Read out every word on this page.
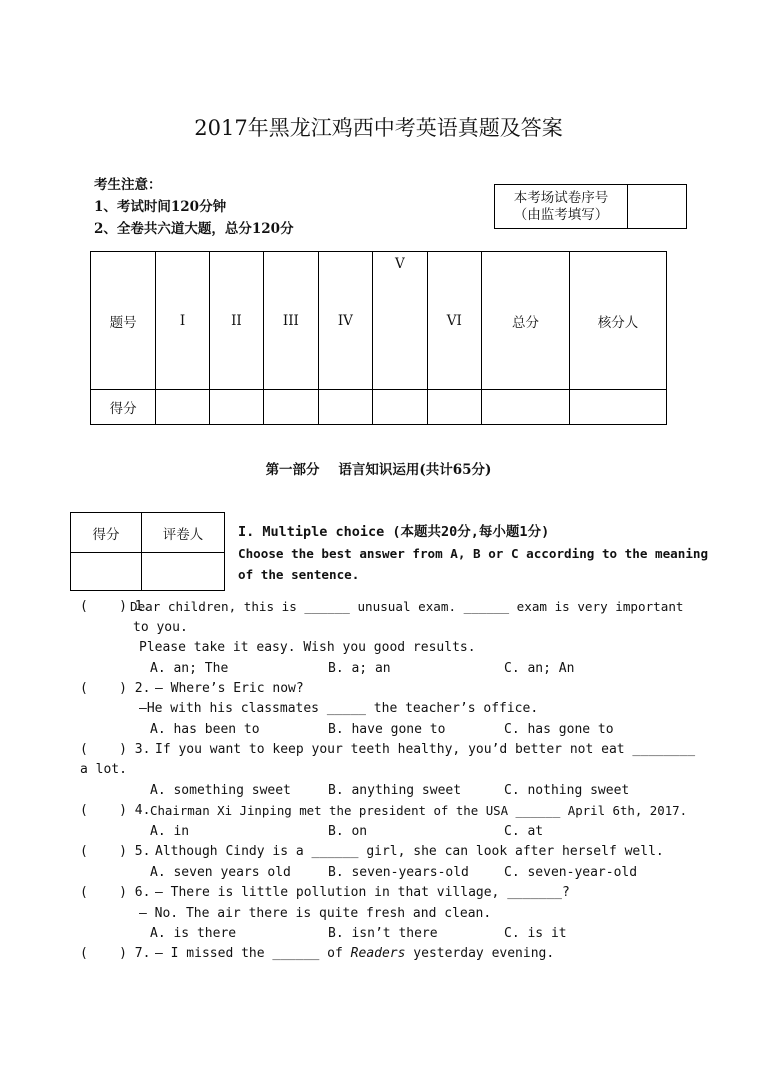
2017年黑龙江鸡西中考英语真题及答案
考生注意：
1、考试时间120分钟
2、全卷共六道大题，总分120分
本考场试卷序号
（由监考填写）

题号	I	II	III	IV	V	VI	总分	核分人
得分								
第一部分    语言知识运用(共计65分)
得分	评卷人
		I. Multiple choice (本题共20分,每小题1分)
Choose the best answer from A, B or C according to the meaning
of the sentence.
(    ) 1.
Dear children, this is ______ unusual exam. ______ exam is very important
to you.
Please take it easy. Wish you good results.
A. an; The	B. a; an	C. an; An
(    ) 2. — Where’s Eric now?
—He with his classmates _____ the teacher’s office.
A. has been to	B. have gone to	C. has gone to
(    ) 3. If you want to keep your teeth healthy, you’d better not eat ________
a lot.
A. something sweet	B. anything sweet	C. nothing sweet
(    ) 4. Chairman Xi Jinping met the president of the USA ______ April 6th, 2017.
A. in	B. on	C. at
(    ) 5. Although Cindy is a ______ girl, she can look after herself well.
A. seven years old	B. seven-years-old	C. seven-year-old
(    ) 6. — There is little pollution in that village, _______?
— No. The air there is quite fresh and clean.
A. is there	B. isn’t there	C. is it
(    ) 7. — I missed the ______ of Readers yesterday evening.
